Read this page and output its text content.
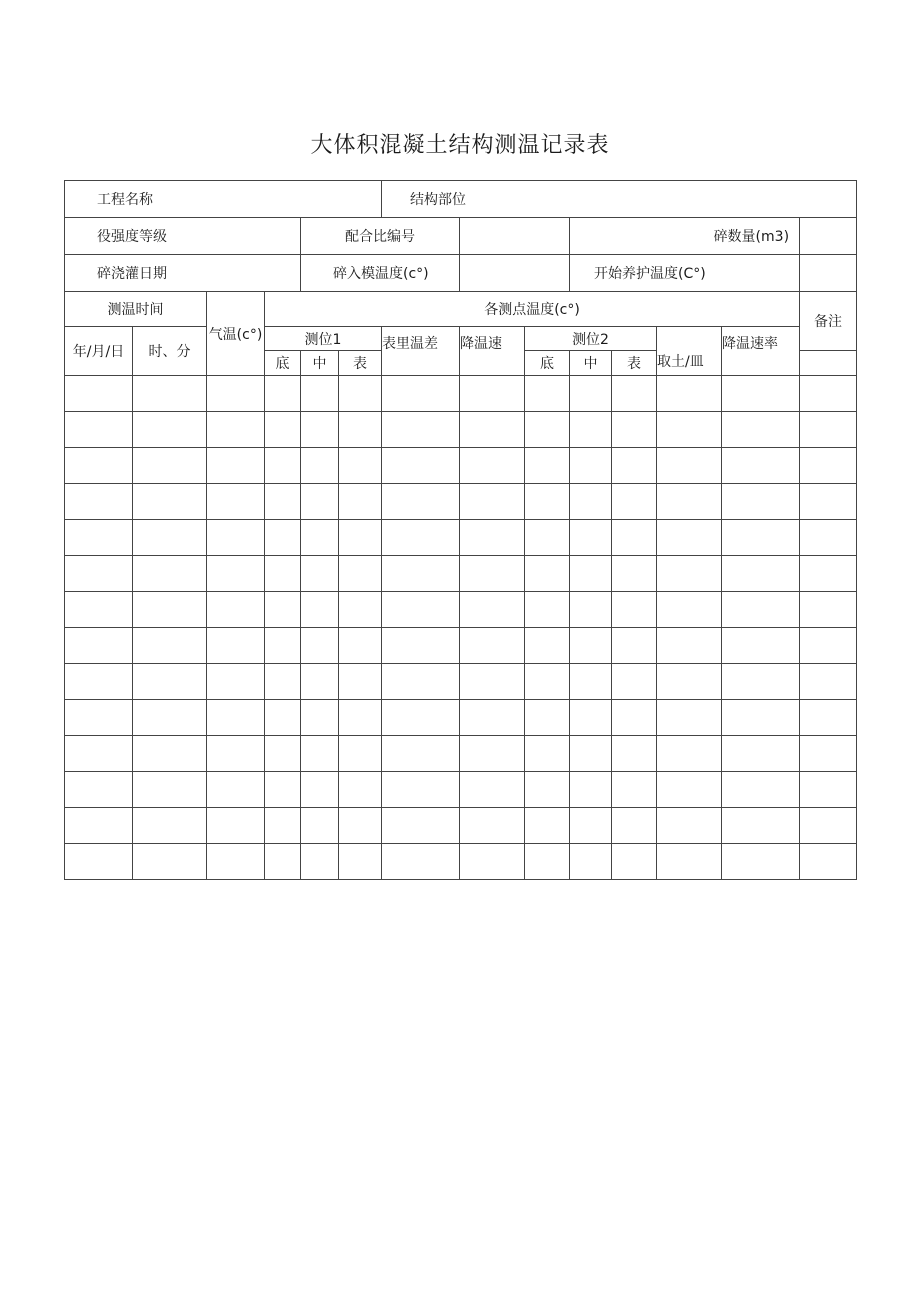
大体积混凝土结构测温记录表
工程名称						结构部位							
役强度等级				配合比编号					碎数量(m3)				
碎浇灌日期				碎入模温度(c°)					开始养护温度(C°)				
测温时间		气温(c°)	各测点温度(c°)										备注
年/月/日	时、分		测位1			表里温差	降温速	测位2			取土/皿	降温速率	
			底	中	表			底	中	表			
